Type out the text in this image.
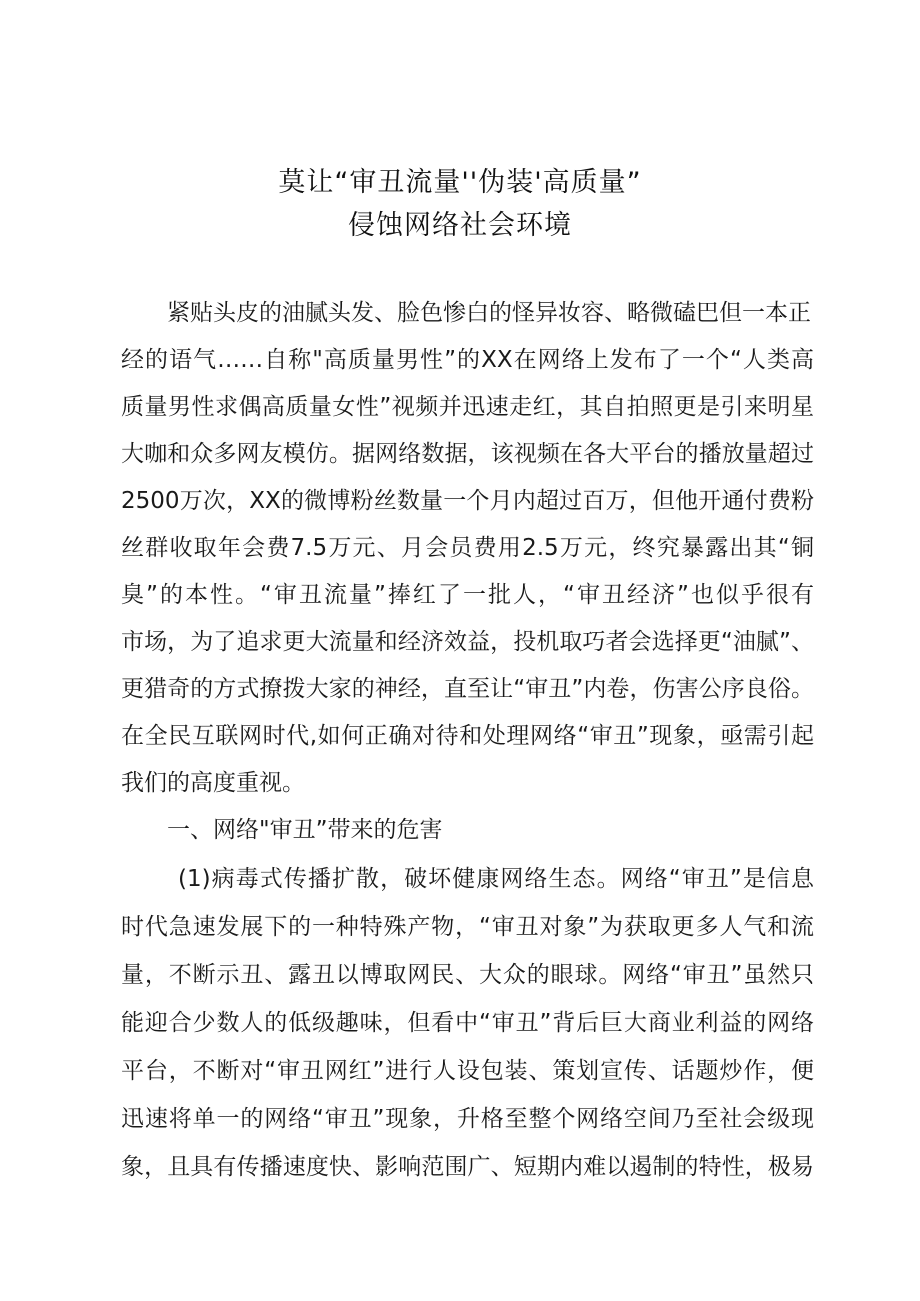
莫让“审丑流量''伪装'高质量”
侵蚀网络社会环境
紧贴头皮的油腻头发、脸色惨白的怪异妆容、略微磕巴但一本正
经的语气……自称"高质量男性”的XX在网络上发布了一个“人类高
质量男性求偶高质量女性”视频并迅速走红，其自拍照更是引来明星
大咖和众多网友模仿。据网络数据，该视频在各大平台的播放量超过
2500万次，XX的微博粉丝数量一个月内超过百万，但他开通付费粉
丝群收取年会费7.5万元、月会员费用2.5万元，终究暴露出其“铜
臭”的本性。“审丑流量”捧红了一批人，“审丑经济”也似乎很有
市场，为了追求更大流量和经济效益，投机取巧者会选择更“油腻”、
更猎奇的方式撩拨大家的神经，直至让“审丑”内卷，伤害公序良俗。
在全民互联网时代,如何正确对待和处理网络“审丑”现象，亟需引起
我们的高度重视。
一、网络"审丑”带来的危害
(1)病毒式传播扩散，破坏健康网络生态。网络“审丑”是信息
时代急速发展下的一种特殊产物，“审丑对象”为获取更多人气和流
量，不断示丑、露丑以博取网民、大众的眼球。网络“审丑”虽然只
能迎合少数人的低级趣味，但看中“审丑”背后巨大商业利益的网络
平台，不断对“审丑网红”进行人设包装、策划宣传、话题炒作，便
迅速将单一的网络“审丑”现象，升格至整个网络空间乃至社会级现
象，且具有传播速度快、影响范围广、短期内难以遏制的特性，极易
